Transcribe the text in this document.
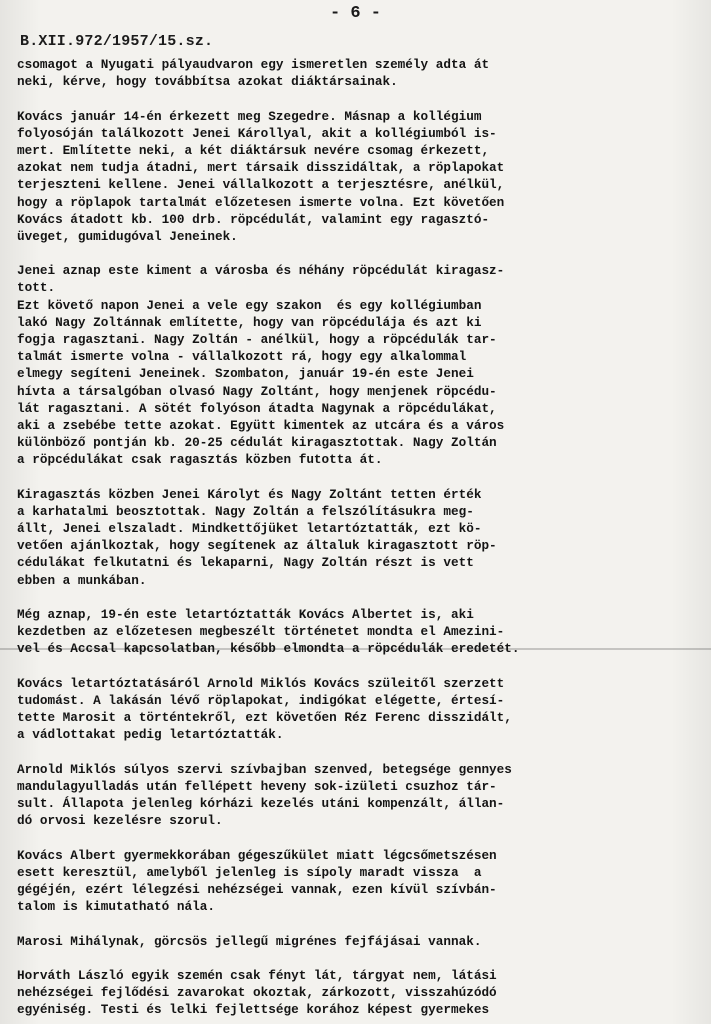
- 6 -
B.XII.972/1957/15.sz.
csomagot a Nyugati pályaudvaron egy ismeretlen személy adta át
neki, kérve, hogy továbbítsa azokat diáktársainak.
Kovács január 14-én érkezett meg Szegedre. Másnap a kollégium
folyosóján találkozott Jenei Károllyal, akit a kollégiumból is-
mert. Említette neki, a két diáktársuk nevére csomag érkezett,
azokat nem tudja átadni, mert társaik disszidáltak, a röplapokat
terjeszteni kellene. Jenei vállalkozott a terjesztésre, anélkül,
hogy a röplapok tartalmát előzetesen ismerte volna. Ezt követően
Kovács átadott kb. 100 drb. röpcédulát, valamint egy ragasztó-
üveget, gumidugóval Jeneinek.
Jenei aznap este kiment a városba és néhány röpcédulát kiragasz-
tott.
Ezt követő napon Jenei a vele egy szakon  és egy kollégiumban
lakó Nagy Zoltánnak említette, hogy van röpcédulája és azt ki
fogja ragasztani. Nagy Zoltán - anélkül, hogy a röpcédulák tar-
talmát ismerte volna - vállalkozott rá, hogy egy alkalommal
elmegy segíteni Jeneinek. Szombaton, január 19-én este Jenei
hívta a társalgóban olvasó Nagy Zoltánt, hogy menjenek röpcédu-
lát ragasztani. A sötét folyóson átadta Nagynak a röpcédulákat,
aki a zsebébe tette azokat. Együtt kimentek az utcára és a város
különböző pontján kb. 20-25 cédulát kiragasztottak. Nagy Zoltán
a röpcédulákat csak ragasztás közben futotta át.
Kiragasztás közben Jenei Károlyt és Nagy Zoltánt tetten érték
a karhatalmi beosztottak. Nagy Zoltán a felszólításukra meg-
állt, Jenei elszaladt. Mindkettőjüket letartóztatták, ezt kö-
vetően ajánlkoztak, hogy segítenek az általuk kiragasztott röp-
cédulákat felkutatni és lekaparni, Nagy Zoltán részt is vett
ebben a munkában.
Még aznap, 19-én este letartóztatták Kovács Albertet is, aki
kezdetben az előzetesen megbeszélt történetet mondta el Amezini-
vel és Accsal kapcsolatban, később elmondta a röpcédulák eredetét.
Kovács letartóztatásáról Arnold Miklós Kovács szüleitől szerzett
tudomást. A lakásán lévő röplapokat, indigókat elégette, értesí-
tette Marosit a történtekről, ezt követően Réz Ferenc disszidált,
a vádlottakat pedig letartóztatták.
Arnold Miklós súlyos szervi szívbajban szenved, betegsége gennyes
mandulagyulladás után fellépett heveny sok-izületi csuzhoz tár-
sult. Állapota jelenleg kórházi kezelés utáni kompenzált, állan-
dó orvosi kezelésre szorul.
Kovács Albert gyermekkorában gégeszűkület miatt légcsőmetszésen
esett keresztül, amelyből jelenleg is sípoly maradt vissza  a
gégéjén, ezért lélegzési nehézségei vannak, ezen kívül szívbán-
talom is kimutatható nála.
Marosi Mihálynak, görcsös jellegű migrénes fejfájásai vannak.
Horváth László egyik szemén csak fényt lát, tárgyat nem, látási
nehézségei fejlődési zavarokat okoztak, zárkozott, visszahúzódó
egyéniség. Testi és lelki fejlettsége korához képest gyermekes
